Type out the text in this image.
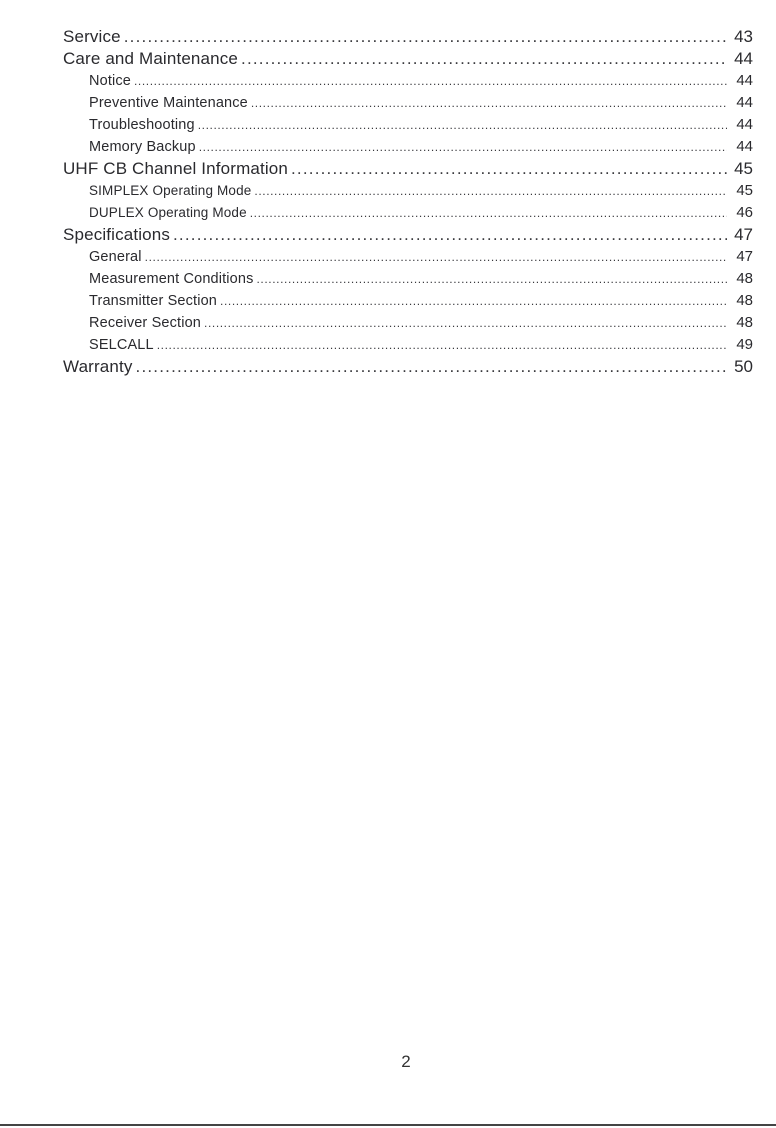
Service .....	43
Care and Maintenance .....	44
Notice .....	44
Preventive Maintenance .....	44
Troubleshooting .....	44
Memory Backup .....	44
UHF CB Channel Information .....	45
SIMPLEX Operating Mode .....	45
DUPLEX Operating Mode .....	46
Specifications .....	47
General .....	47
Measurement Conditions .....	48
Transmitter Section .....	48
Receiver Section .....	48
SELCALL .....	49
Warranty .....	50
2
